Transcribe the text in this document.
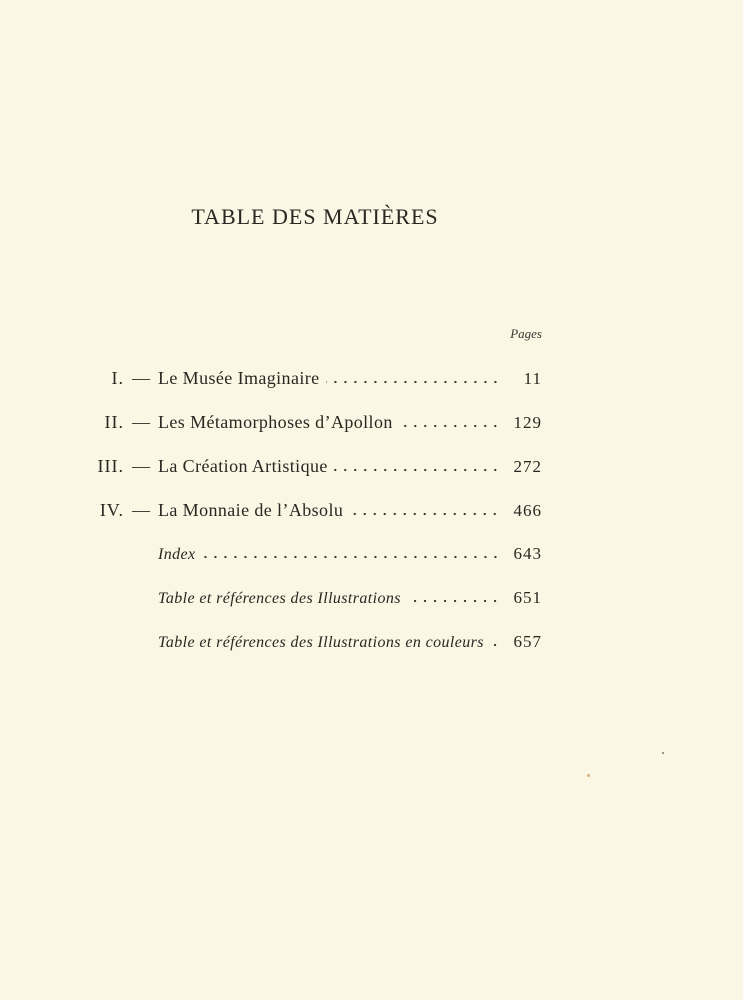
TABLE DES MATIÈRES
Pages
I. — Le Musée Imaginaire	11
II. — Les Métamorphoses d’Apollon	129
III. — La Création Artistique	272
IV. — La Monnaie de l’Absolu	466
Index	643
Table et références des Illustrations	651
Table et références des Illustrations en couleurs	657
